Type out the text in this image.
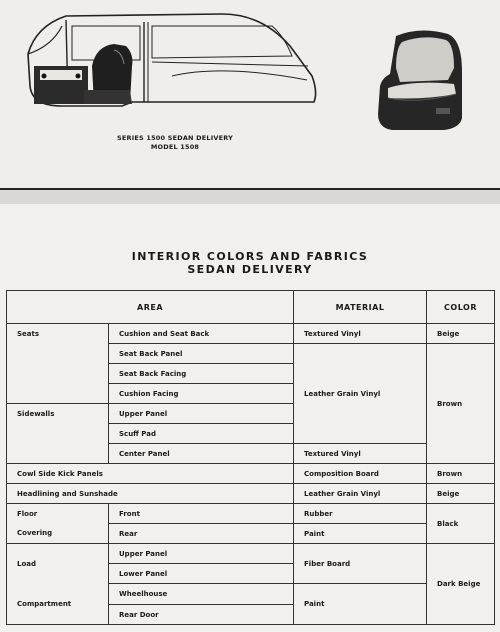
SERIES 1500 SEDAN DELIVERY
MODEL 1508
INTERIOR COLORS AND FABRICS
SEDAN DELIVERY
AREA		MATERIAL	COLOR	
Seats	Cushion and Seat Back	Textured Vinyl	Beige	
	Seat Back Panel	Leather Grain Vinyl	Brown	
	Seat Back Facing			
	Cushion Facing			
Sidewalls	Upper Panel			
	Scuff Pad			
	Center Panel	Textured Vinyl	
Cowl Side Kick Panels		Composition Board	Brown	
Headlining and Sunshade		Leather Grain Vinyl	Beige	

Floor
Covering	Front	Rubber	Black	
	Rear	Paint		

Load
Compartment	Upper Panel	Fiber Board	Dark Beige	
	Lower Panel			
	Wheelhouse	Paint		
	Rear Door			
